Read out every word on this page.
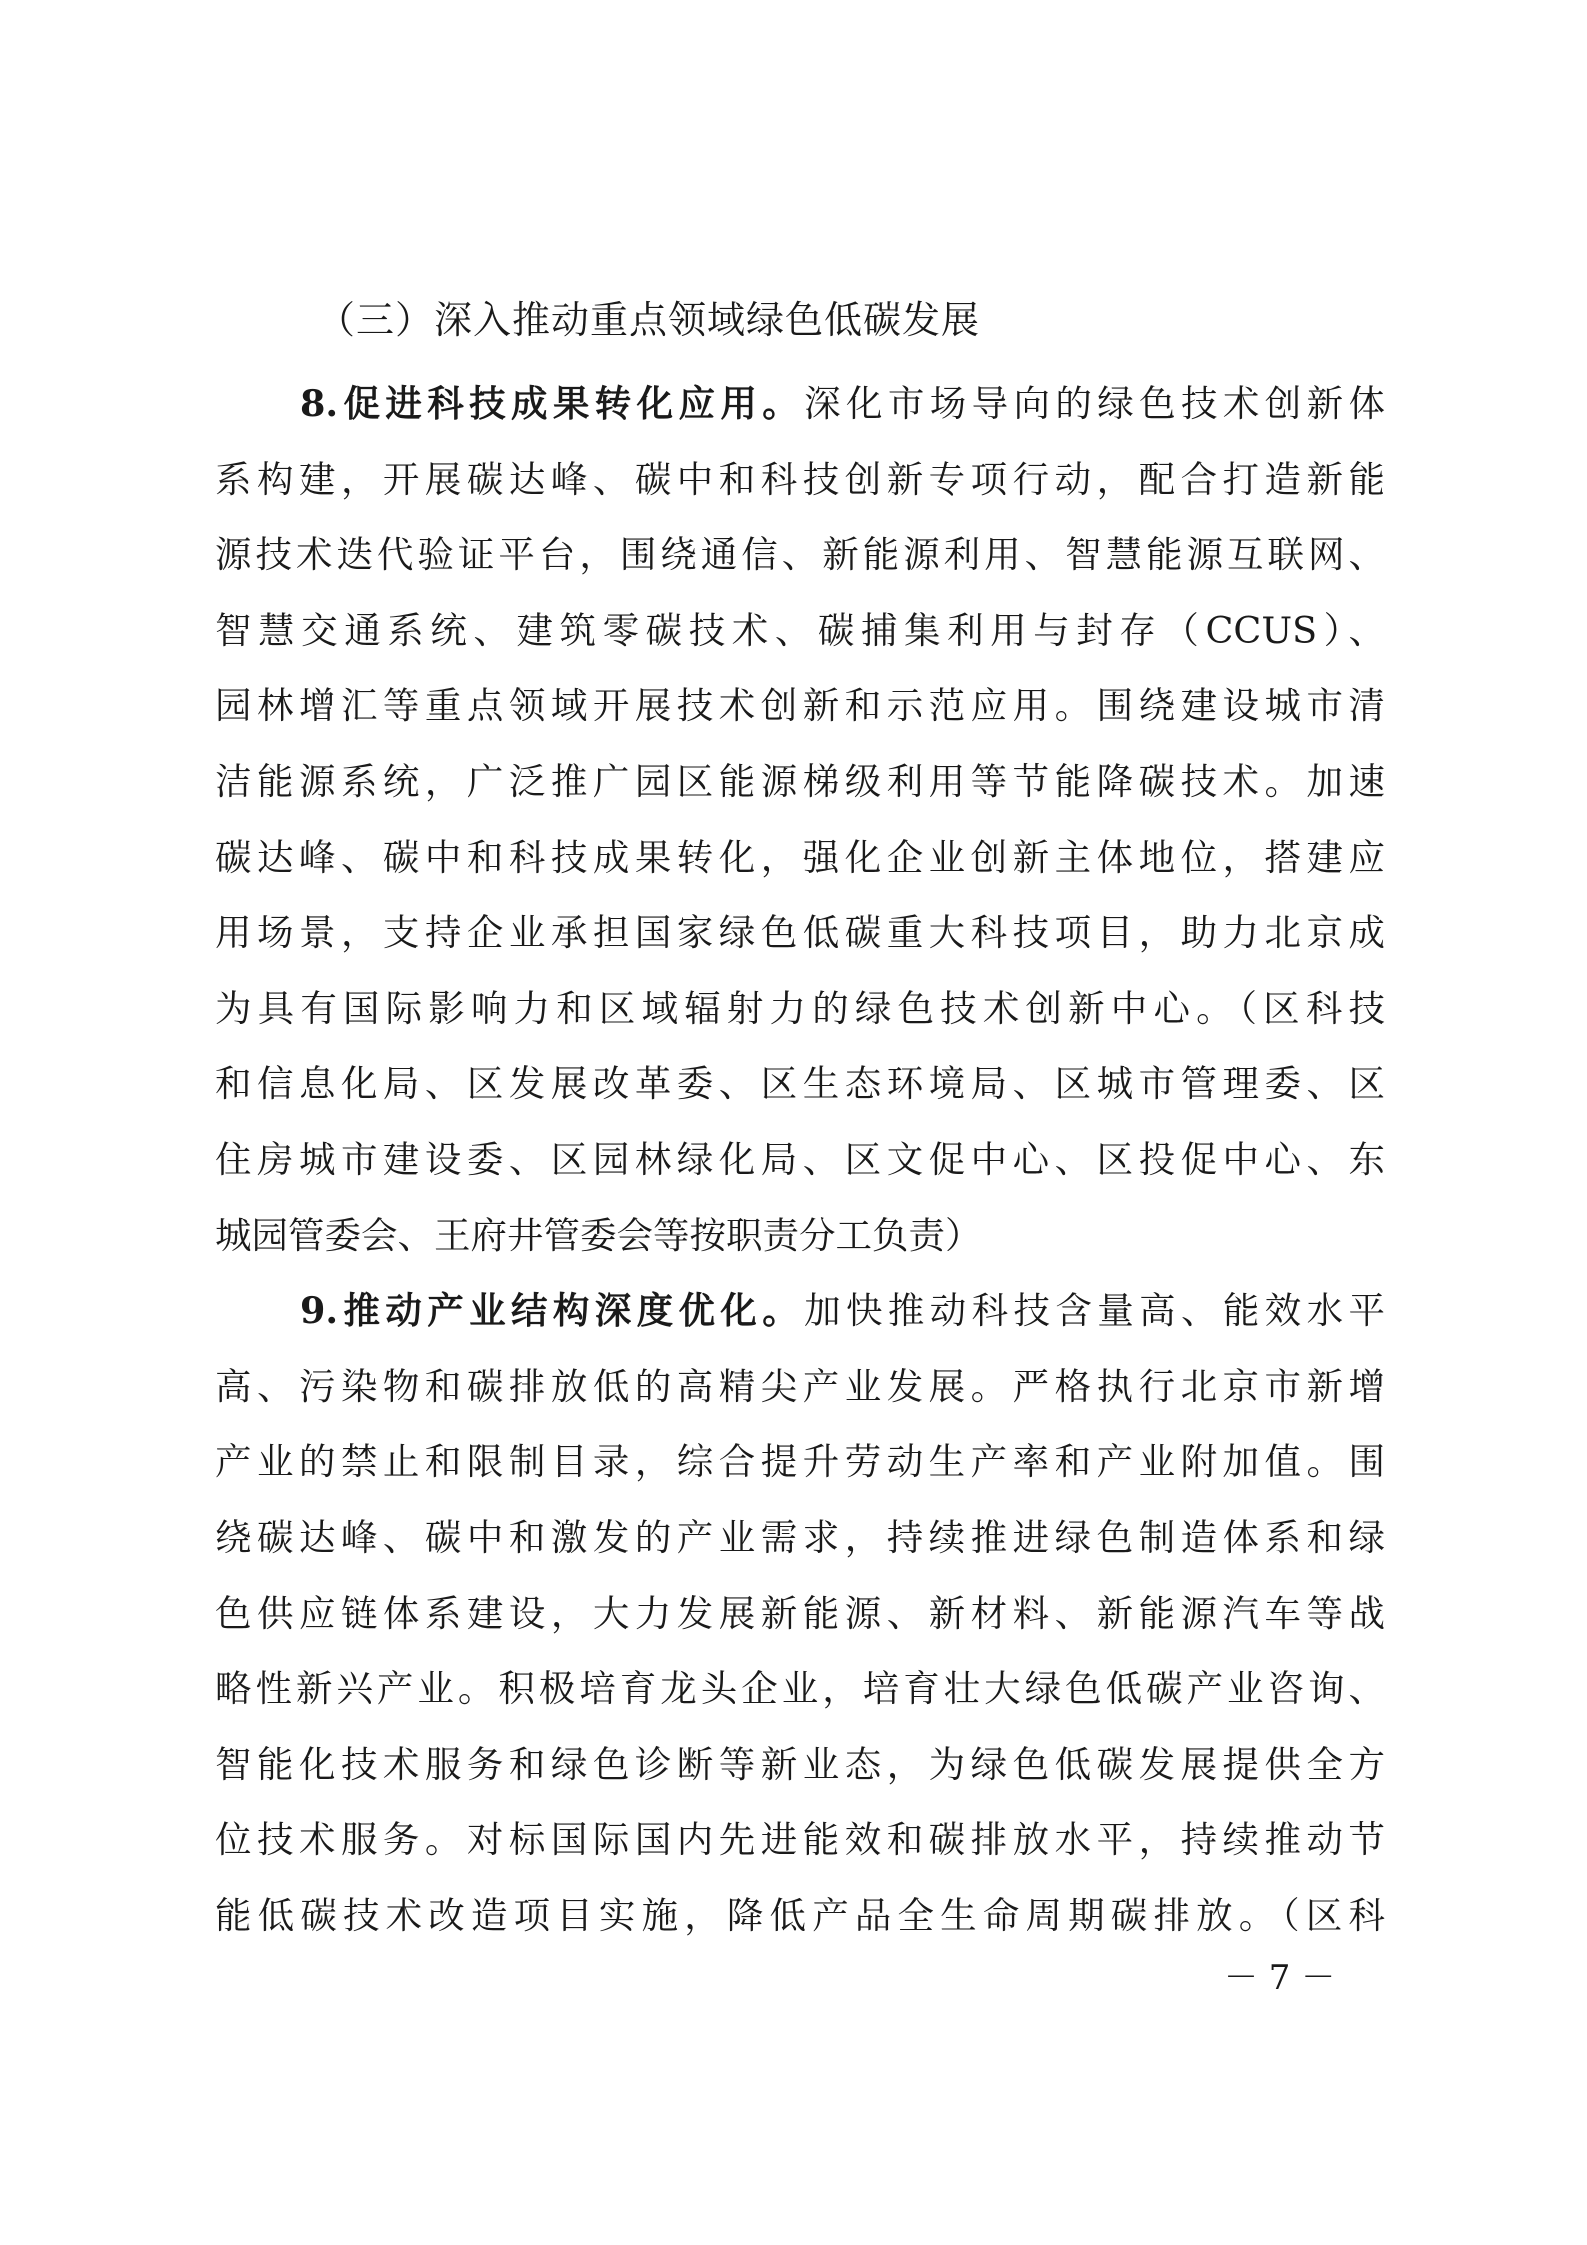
（三）深入推动重点领域绿色低碳发展
8.促进科技成果转化应用。深化市场导向的绿色技术创新体
系构建，开展碳达峰、碳中和科技创新专项行动，配合打造新能
源技术迭代验证平台，围绕通信、新能源利用、智慧能源互联网、
智慧交通系统、建筑零碳技术、碳捕集利用与封存（CCUS）、
园林增汇等重点领域开展技术创新和示范应用。围绕建设城市清
洁能源系统，广泛推广园区能源梯级利用等节能降碳技术。加速
碳达峰、碳中和科技成果转化，强化企业创新主体地位，搭建应
用场景，支持企业承担国家绿色低碳重大科技项目，助力北京成
为具有国际影响力和区域辐射力的绿色技术创新中心。（区科技
和信息化局、区发展改革委、区生态环境局、区城市管理委、区
住房城市建设委、区园林绿化局、区文促中心、区投促中心、东
城园管委会、王府井管委会等按职责分工负责）
9.推动产业结构深度优化。加快推动科技含量高、能效水平
高、污染物和碳排放低的高精尖产业发展。严格执行北京市新增
产业的禁止和限制目录，综合提升劳动生产率和产业附加值。围
绕碳达峰、碳中和激发的产业需求，持续推进绿色制造体系和绿
色供应链体系建设，大力发展新能源、新材料、新能源汽车等战
略性新兴产业。积极培育龙头企业，培育壮大绿色低碳产业咨询、
智能化技术服务和绿色诊断等新业态，为绿色低碳发展提供全方
位技术服务。对标国际国内先进能效和碳排放水平，持续推动节
能低碳技术改造项目实施，降低产品全生命周期碳排放。（区科
－ 7 －
